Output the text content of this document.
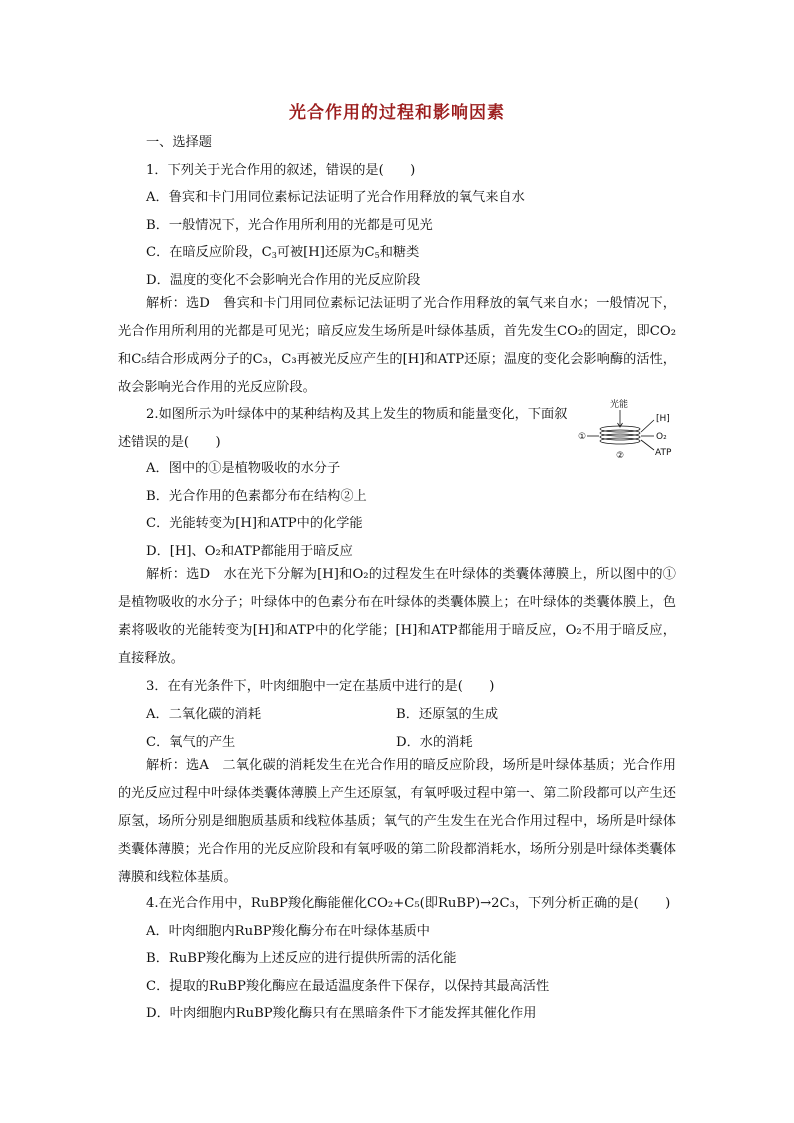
光合作用的过程和影响因素
一、选择题
1．下列关于光合作用的叙述，错误的是(　　)
A．鲁宾和卡门用同位素标记法证明了光合作用释放的氧气来自水
B．一般情况下，光合作用所利用的光都是可见光
C．在暗反应阶段，$C_3$可被[H]还原为$C_5$和糖类
D．温度的变化不会影响光合作用的光反应阶段
解析：选D　鲁宾和卡门用同位素标记法证明了光合作用释放的氧气来自水；一般情况下，光合作用所利用的光都是可见光；暗反应发生场所是叶绿体基质，首先发生CO₂的固定，即CO₂和C₅结合形成两分子的C₃，C₃再被光反应产生的[H]和ATP还原；温度的变化会影响酶的活性，故会影响光合作用的光反应阶段。
2.如图所示为叶绿体中的某种结构及其上发生的物质和能量变化，下面叙述错误的是(　　)
光能
①
[H]
O₂
ATP
②
A．图中的①是植物吸收的水分子
B．光合作用的色素都分布在结构②上
C．光能转变为[H]和ATP中的化学能
D．[H]、O₂和ATP都能用于暗反应
解析：选D　水在光下分解为[H]和O₂的过程发生在叶绿体的类囊体薄膜上，所以图中的①是植物吸收的水分子；叶绿体中的色素分布在叶绿体的类囊体膜上；在叶绿体的类囊体膜上，色素将吸收的光能转变为[H]和ATP中的化学能；[H]和ATP都能用于暗反应，O₂不用于暗反应，直接释放。
3．在有光条件下，叶肉细胞中一定在基质中进行的是(　　)
A．二氧化碳的消耗	B．还原氢的生成
C．氧气的产生	D．水的消耗
解析：选A　二氧化碳的消耗发生在光合作用的暗反应阶段，场所是叶绿体基质；光合作用的光反应过程中叶绿体类囊体薄膜上产生还原氢，有氧呼吸过程中第一、第二阶段都可以产生还原氢，场所分别是细胞质基质和线粒体基质；氧气的产生发生在光合作用过程中，场所是叶绿体类囊体薄膜；光合作用的光反应阶段和有氧呼吸的第二阶段都消耗水，场所分别是叶绿体类囊体薄膜和线粒体基质。
4.在光合作用中，RuBP羧化酶能催化CO₂+C₅(即RuBP)→2C₃，下列分析正确的是(　　)
A．叶肉细胞内RuBP羧化酶分布在叶绿体基质中
B．RuBP羧化酶为上述反应的进行提供所需的活化能
C．提取的RuBP羧化酶应在最适温度条件下保存，以保持其最高活性
D．叶肉细胞内RuBP羧化酶只有在黑暗条件下才能发挥其催化作用
